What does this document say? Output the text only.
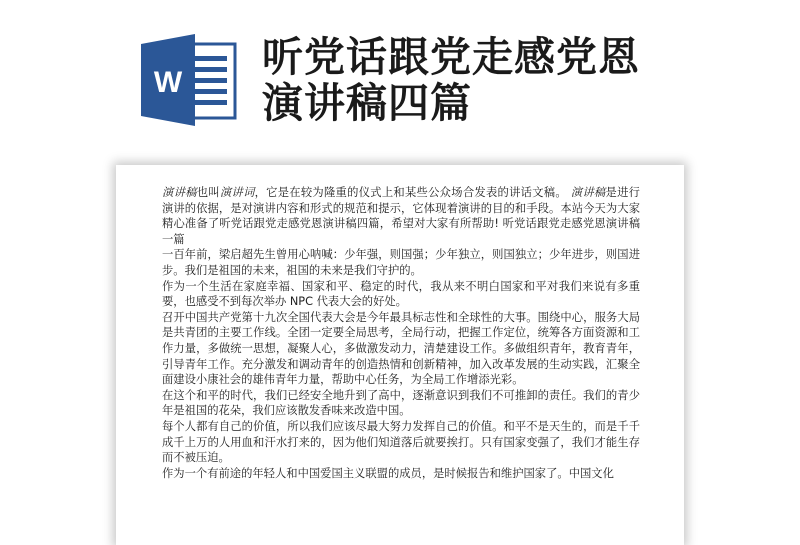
W
听党话跟党走感党恩
演讲稿四篇

演讲稿也叫演讲词，它是在较为隆重的仪式上和某些公众场合发表的讲话文稿。 演讲稿是进行演讲的依据，是对演讲内容和形式的规范和提示，它体现着演讲的目的和手段。本站今天为大家精心准备了听党话跟党走感党恩演讲稿四篇，希望对大家有所帮助! 听党话跟党走感党恩演讲稿一篇

一百年前，梁启超先生曾用心呐喊：少年强，则国强；少年独立，则国独立；少年进步，则国进步。我们是祖国的未来，祖国的未来是我们守护的。

作为一个生活在家庭幸福、国家和平、稳定的时代，我从来不明白国家和平对我们来说有多重要，也感受不到每次举办 NPC 代表大会的好处。

召开中国共产党第十九次全国代表大会是今年最具标志性和全球性的大事。围绕中心，服务大局是共青团的主要工作线。全团一定要全局思考，全局行动，把握工作定位，统筹各方面资源和工作力量，多做统一思想，凝聚人心，多做激发动力，清楚建设工作。多做组织青年，教育青年，引导青年工作。充分激发和调动青年的创造热情和创新精神，加入改革发展的生动实践，汇聚全面建设小康社会的雄伟青年力量，帮助中心任务，为全局工作增添光彩。

在这个和平的时代，我们已经安全地升到了高中，逐渐意识到我们不可推卸的责任。我们的青少年是祖国的花朵，我们应该散发香味来改造中国。

每个人都有自己的价值，所以我们应该尽最大努力发挥自己的价值。和平不是天生的，而是千千成千上万的人用血和汗水打来的，因为他们知道落后就要挨打。只有国家变强了，我们才能生存而不被压迫。

作为一个有前途的年轻人和中国爱国主义联盟的成员，是时候报告和维护国家了。中国文化
